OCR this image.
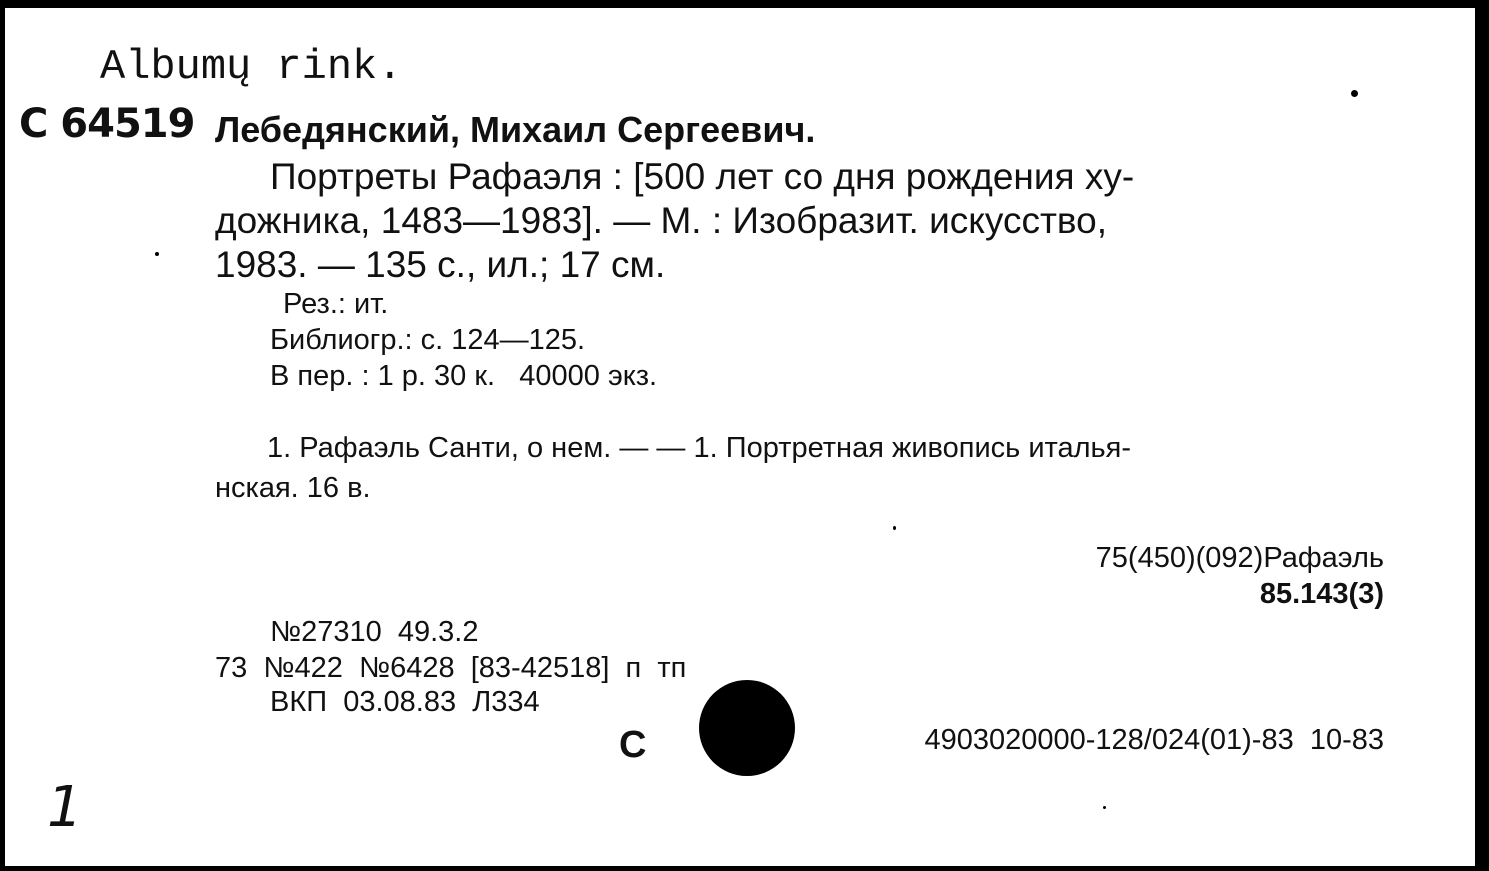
Albumų rink.
C 64519 Лебедянский, Михаил Сергеевич.
Портреты Рафаэля : [500 лет со дня рождения ху-
дожника, 1483—1983]. — М. : Изобразит. искусство,
1983. — 135 с., ил.; 17 см.
Рез.: ит.
Библиогр.: с. 124—125.
В пер. : 1 р. 30 к.   40000 экз.
1. Рафаэль Санти, о нем. — — 1. Портретная живопись италья-
нская. 16 в.
75(450)(092)Рафаэль
85.143(3)
№27310  49.3.2
73  №422  №6428  [83-42518]  п  тп
ВКП  03.08.83  Л334
С	4903020000-128/024(01)-83  10-83
1
